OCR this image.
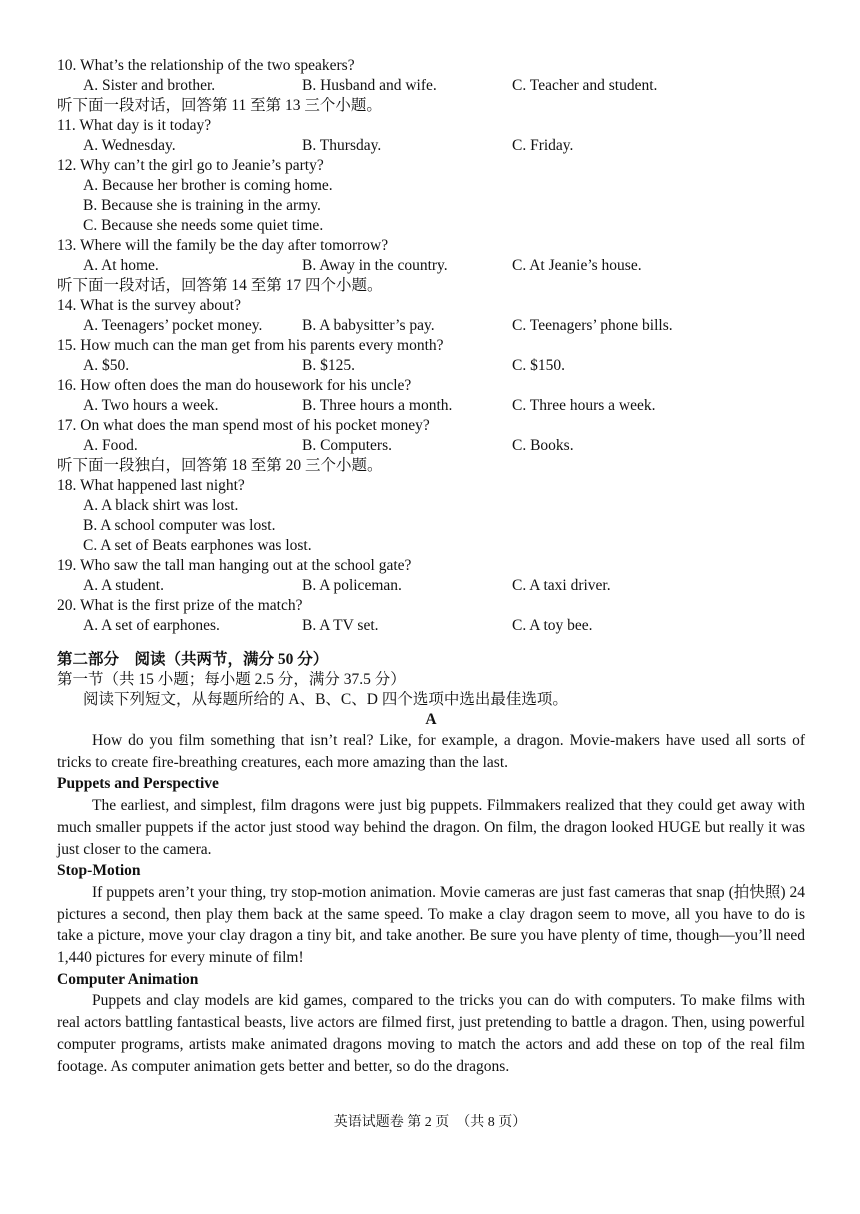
10. What’s the relationship of the two speakers?
A. Sister and brother.	B. Husband and wife.	C. Teacher and student.
听下面一段对话，回答第 11 至第 13 三个小题。
11. What day is it today?
A. Wednesday.	B. Thursday.	C. Friday.
12. Why can’t the girl go to Jeanie’s party?
A. Because her brother is coming home.
B. Because she is training in the army.
C. Because she needs some quiet time.
13. Where will the family be the day after tomorrow?
A. At home.	B. Away in the country.	C. At Jeanie’s house.
听下面一段对话，回答第 14 至第 17 四个小题。
14. What is the survey about?
A. Teenagers’ pocket money.	B. A babysitter’s pay.	C. Teenagers’ phone bills.
15. How much can the man get from his parents every month?
A. $50.	B. $125.	C. $150.
16. How often does the man do housework for his uncle?
A. Two hours a week.	B. Three hours a month.	C. Three hours a week.
17. On what does the man spend most of his pocket money?
A. Food.	B. Computers.	C. Books.
听下面一段独白，回答第 18 至第 20 三个小题。
18. What happened last night?
A. A black shirt was lost.
B. A school computer was lost.
C. A set of Beats earphones was lost.
19. Who saw the tall man hanging out at the school gate?
A. A student.	B. A policeman.	C. A taxi driver.
20. What is the first prize of the match?
A. A set of earphones.	B. A TV set.	C. A toy bee.
第二部分　阅读（共两节，满分 50 分）
第一节（共 15 小题；每小题 2.5 分，满分 37.5 分）
阅读下列短文，从每题所给的 A、B、C、D 四个选项中选出最佳选项。
A

How do you film something that isn’t real? Like, for example, a dragon. Movie-makers have used all sorts of tricks to create fire-breathing creatures, each more amazing than the last.

Puppets and Perspective

The earliest, and simplest, film dragons were just big puppets. Filmmakers realized that they could get away with much smaller puppets if the actor just stood way behind the dragon. On film, the dragon looked HUGE but really it was just closer to the camera.

Stop-Motion

If puppets aren’t your thing, try stop-motion animation. Movie cameras are just fast cameras that snap (拍快照) 24 pictures a second, then play them back at the same speed. To make a clay dragon seem to move, all you have to do is take a picture, move your clay dragon a tiny bit, and take another. Be sure you have plenty of time, though—you’ll need 1,440 pictures for every minute of film!

Computer Animation

Puppets and clay models are kid games, compared to the tricks you can do with computers. To make films with real actors battling fantastical beasts, live actors are filmed first, just pretending to battle a dragon. Then, using powerful computer programs, artists make animated dragons moving to match the actors and add these on top of the real film footage. As computer animation gets better and better, so do the dragons.

英语试题卷 第 2 页　（共 8 页）
